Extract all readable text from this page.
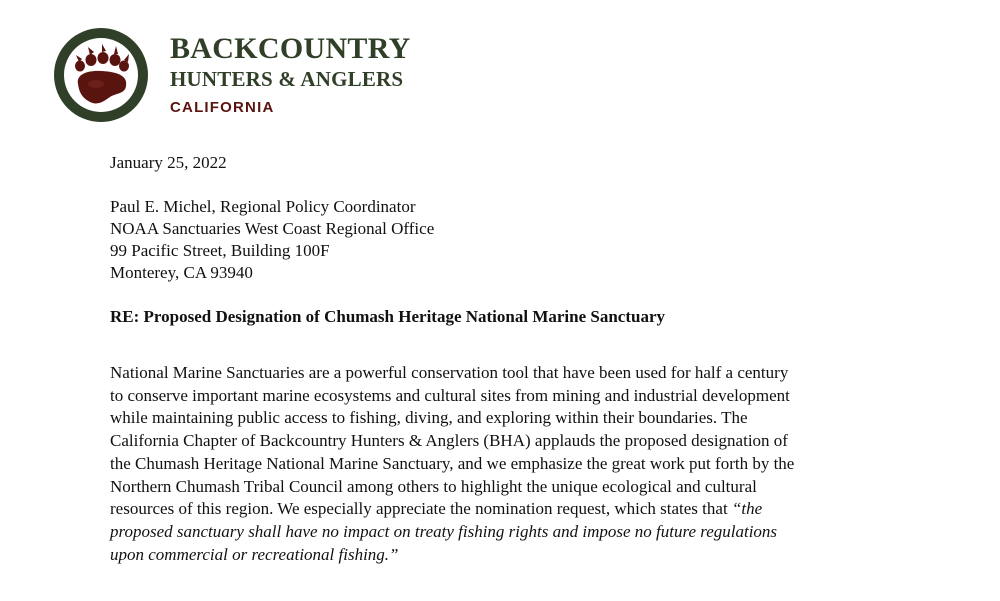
BACKCOUNTRY
HUNTERS & ANGLERS
CALIFORNIA
January 25, 2022
Paul E. Michel, Regional Policy Coordinator
NOAA Sanctuaries West Coast Regional Office
99 Pacific Street, Building 100F
Monterey, CA 93940
RE: Proposed Designation of Chumash Heritage National Marine Sanctuary
National Marine Sanctuaries are a powerful conservation tool that have been used for half a century
to conserve important marine ecosystems and cultural sites from mining and industrial development
while maintaining public access to fishing, diving, and exploring within their boundaries. The
California Chapter of Backcountry Hunters & Anglers (BHA) applauds the proposed designation of
the Chumash Heritage National Marine Sanctuary, and we emphasize the great work put forth by the
Northern Chumash Tribal Council among others to highlight the unique ecological and cultural
resources of this region. We especially appreciate the nomination request, which states that “the
proposed sanctuary shall have no impact on treaty fishing rights and impose no future regulations
upon commercial or recreational fishing.”
